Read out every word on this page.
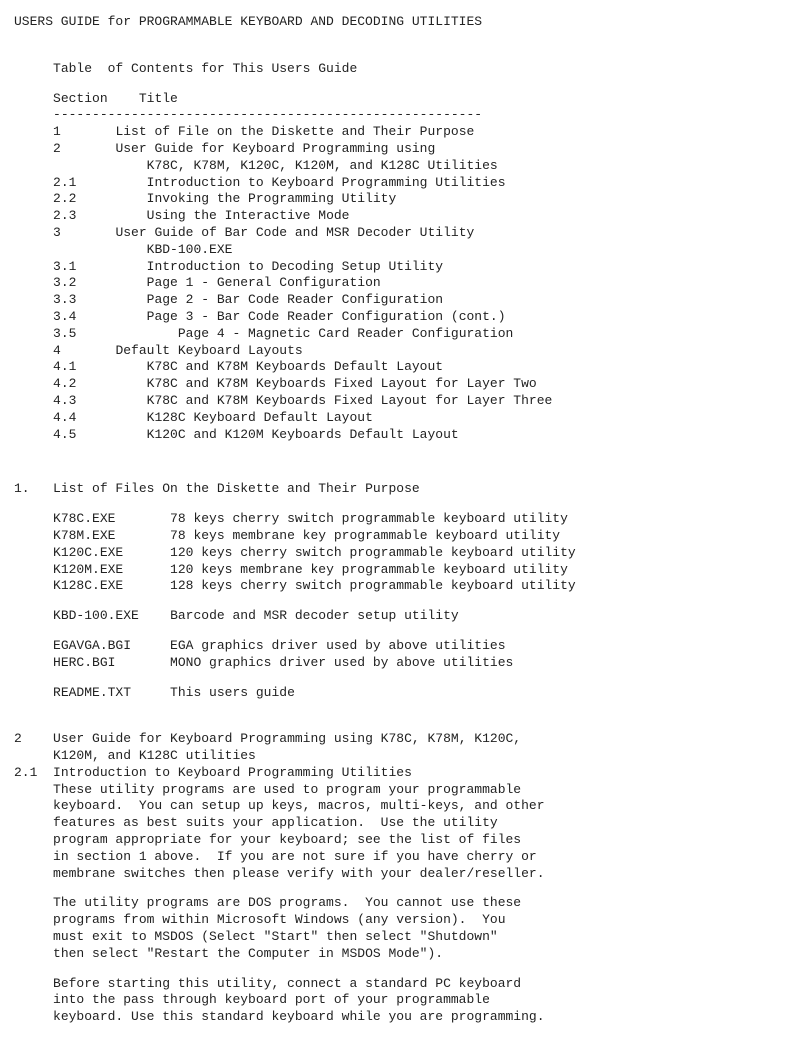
USERS GUIDE for PROGRAMMABLE KEYBOARD AND DECODING UTILITIES
Table  of Contents for This Users Guide
Section Title
-------------------------------------------------------
1	List of File on the Diskette and Their Purpose
2	User Guide for Keyboard Programming using
K78C, K78M, K120C, K120M, and K128C Utilities
2.1	Introduction to Keyboard Programming Utilities
2.2	Invoking the Programming Utility
2.3	Using the Interactive Mode
3	User Guide of Bar Code and MSR Decoder Utility
KBD-100.EXE
3.1	Introduction to Decoding Setup Utility
3.2	Page 1 - General Configuration
3.3	Page 2 - Bar Code Reader Configuration
3.4	Page 3 - Bar Code Reader Configuration (cont.)
3.5	Page 4 - Magnetic Card Reader Configuration
4	Default Keyboard Layouts
4.1	K78C and K78M Keyboards Default Layout
4.2	K78C and K78M Keyboards Fixed Layout for Layer Two
4.3	K78C and K78M Keyboards Fixed Layout for Layer Three
4.4	K128C Keyboard Default Layout
4.5	K120C and K120M Keyboards Default Layout
1. List of Files On the Diskette and Their Purpose
K78C.EXE	78 keys cherry switch programmable keyboard utility
K78M.EXE	78 keys membrane key programmable keyboard utility
K120C.EXE	120 keys cherry switch programmable keyboard utility
K120M.EXE	120 keys membrane key programmable keyboard utility
K128C.EXE	128 keys cherry switch programmable keyboard utility
KBD-100.EXE Barcode and MSR decoder setup utility
EGAVGA.BGI	EGA graphics driver used by above utilities
HERC.BGI	MONO graphics driver used by above utilities
README.TXT	This users guide
2 User Guide for Keyboard Programming using K78C, K78M, K120C,
K120M, and K128C utilities
2.1 Introduction to Keyboard Programming Utilities
These utility programs are used to program your programmable
keyboard.  You can setup up keys, macros, multi-keys, and other
features as best suits your application.  Use the utility
program appropriate for your keyboard; see the list of files
in section 1 above.  If you are not sure if you have cherry or
membrane switches then please verify with your dealer/reseller.
The utility programs are DOS programs.  You cannot use these
programs from within Microsoft Windows (any version).  You
must exit to MSDOS (Select "Start" then select "Shutdown"
then select "Restart the Computer in MSDOS Mode").
Before starting this utility, connect a standard PC keyboard
into the pass through keyboard port of your programmable
keyboard. Use this standard keyboard while you are programming.
